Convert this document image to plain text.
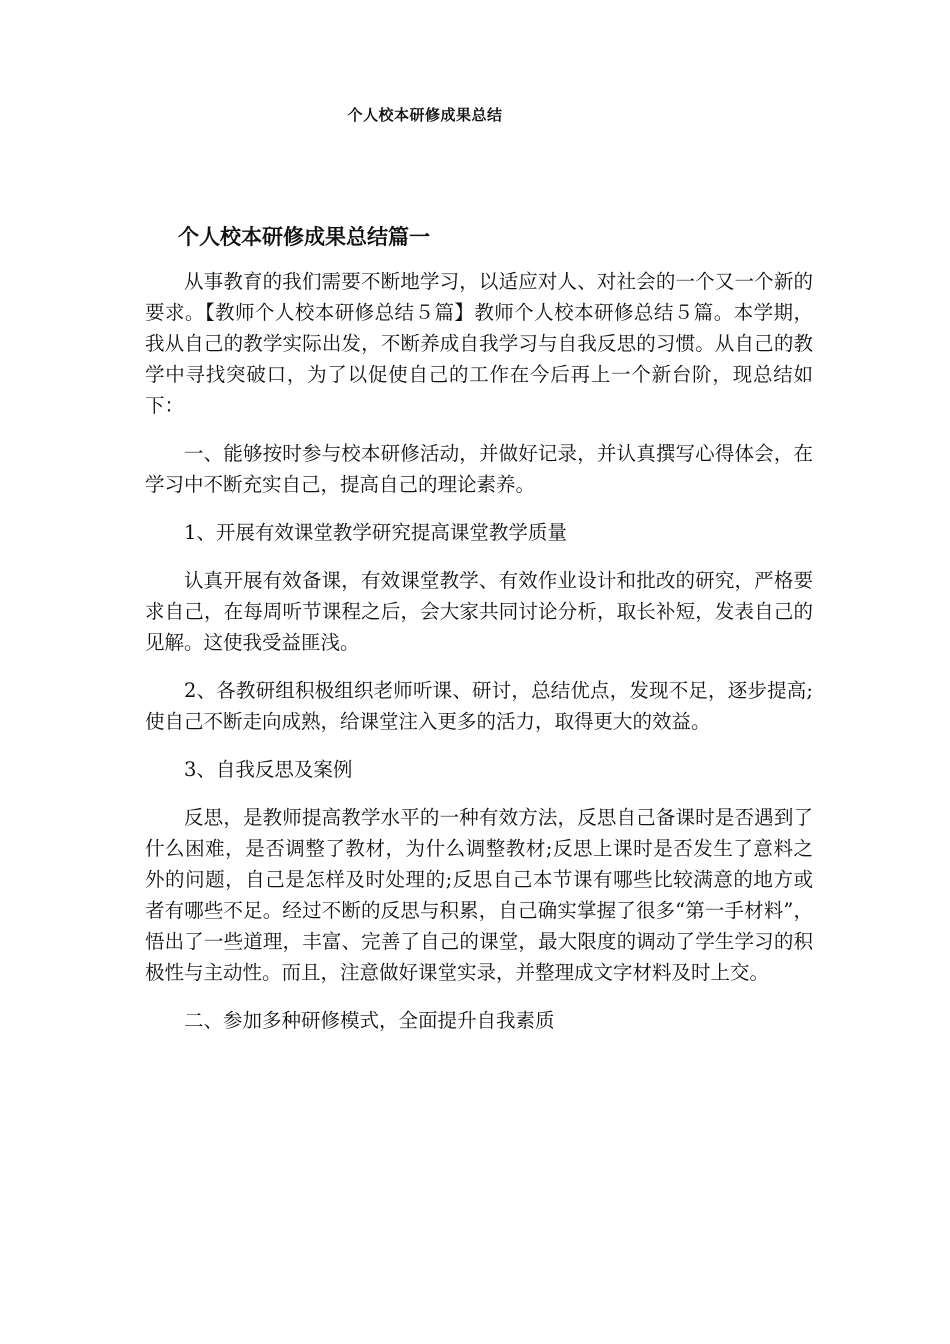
个人校本研修成果总结
个人校本研修成果总结篇一

从事教育的我们需要不断地学习，以适应对人、对社会的一个又一个新的要求。【教师个人校本研修总结５篇】教师个人校本研修总结５篇。本学期，我从自己的教学实际出发，不断养成自我学习与自我反思的习惯。从自己的教学中寻找突破口，为了以促使自己的工作在今后再上一个新台阶，现总结如下：

一、能够按时参与校本研修活动，并做好记录，并认真撰写心得体会，在学习中不断充实自己，提高自己的理论素养。

1、开展有效课堂教学研究提高课堂教学质量

认真开展有效备课，有效课堂教学、有效作业设计和批改的研究，严格要求自己，在每周听节课程之后，会大家共同讨论分析，取长补短，发表自己的见解。这使我受益匪浅。

2、各教研组积极组织老师听课、研讨，总结优点，发现不足，逐步提高;使自己不断走向成熟，给课堂注入更多的活力，取得更大的效益。

3、自我反思及案例

反思，是教师提高教学水平的一种有效方法，反思自己备课时是否遇到了什么困难，是否调整了教材，为什么调整教材;反思上课时是否发生了意料之外的问题，自己是怎样及时处理的;反思自己本节课有哪些比较满意的地方或者有哪些不足。经过不断的反思与积累，自己确实掌握了很多“第一手材料”，悟出了一些道理，丰富、完善了自己的课堂，最大限度的调动了学生学习的积极性与主动性。而且，注意做好课堂实录，并整理成文字材料及时上交。

二、参加多种研修模式，全面提升自我素质
